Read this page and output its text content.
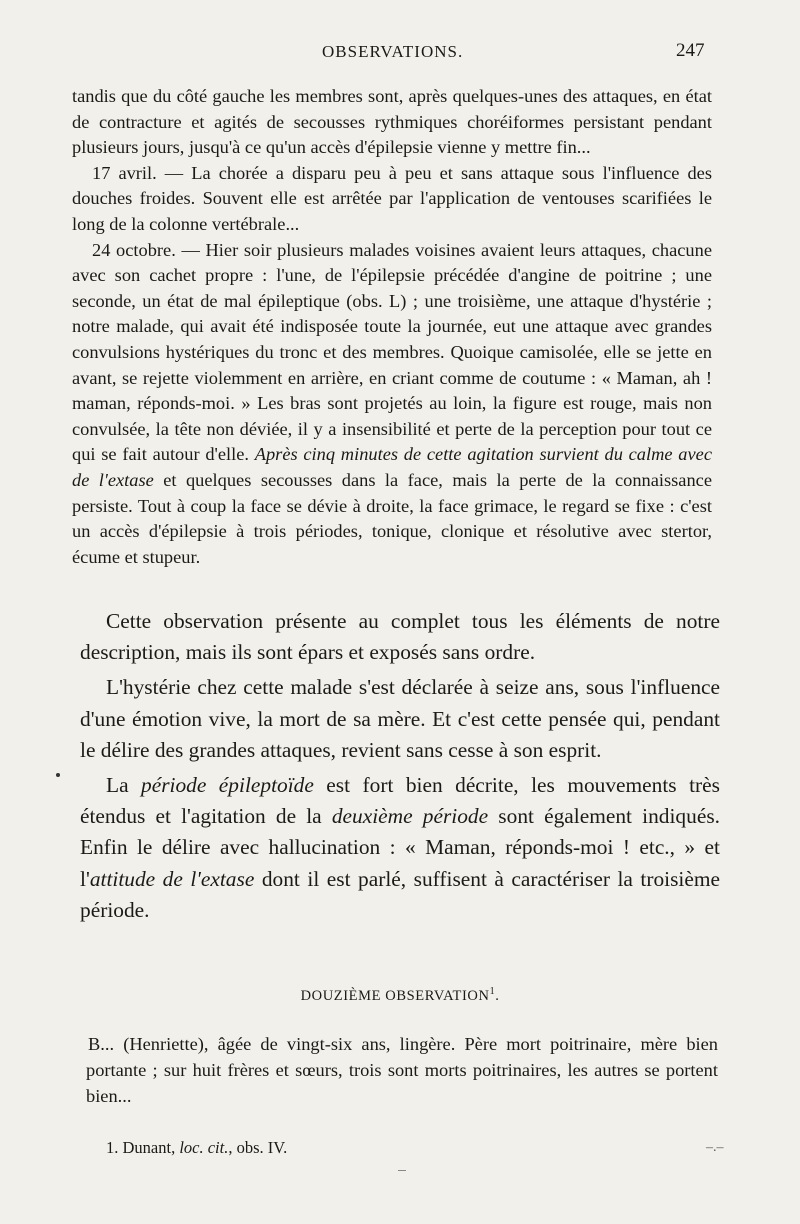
OBSERVATIONS.	247

tandis que du côté gauche les membres sont, après quelques-unes des attaques, en état de contracture et agités de secousses rythmiques choréiformes persistant pendant plusieurs jours, jusqu'à ce qu'un accès d'épilepsie vienne y mettre fin...

17 avril. — La chorée a disparu peu à peu et sans attaque sous l'influence des douches froides. Souvent elle est arrêtée par l'application de ventouses scarifiées le long de la colonne vertébrale...

24 octobre. — Hier soir plusieurs malades voisines avaient leurs attaques, chacune avec son cachet propre : l'une, de l'épilepsie précédée d'angine de poitrine ; une seconde, un état de mal épileptique (obs. L) ; une troisième, une attaque d'hystérie ; notre malade, qui avait été indisposée toute la journée, eut une attaque avec grandes convulsions hystériques du tronc et des membres. Quoique camisolée, elle se jette en avant, se rejette violemment en arrière, en criant comme de coutume : « Maman, ah ! maman, réponds-moi. » Les bras sont projetés au loin, la figure est rouge, mais non convulsée, la tête non déviée, il y a insensibilité et perte de la perception pour tout ce qui se fait autour d'elle. Après cinq minutes de cette agitation survient du calme avec de l'extase et quelques secousses dans la face, mais la perte de la connaissance persiste. Tout à coup la face se dévie à droite, la face grimace, le regard se fixe : c'est un accès d'épilepsie à trois périodes, tonique, clonique et résolutive avec stertor, écume et stupeur.

Cette observation présente au complet tous les éléments de notre description, mais ils sont épars et exposés sans ordre.

L'hystérie chez cette malade s'est déclarée à seize ans, sous l'influence d'une émotion vive, la mort de sa mère. Et c'est cette pensée qui, pendant le délire des grandes attaques, revient sans cesse à son esprit.

La période épileptoïde est fort bien décrite, les mouvements très étendus et l'agitation de la deuxième période sont également indiqués. Enfin le délire avec hallucination : « Maman, réponds-moi ! etc., » et l'attitude de l'extase dont il est parlé, suffisent à caractériser la troisième période.

DOUZIÈME OBSERVATION$^1$.

B... (Henriette), âgée de vingt-six ans, lingère. Père mort poitrinaire, mère bien portante ; sur huit frères et sœurs, trois sont morts poitrinaires, les autres se portent bien...

1. Dunant, loc. cit., obs. IV.	–.–
